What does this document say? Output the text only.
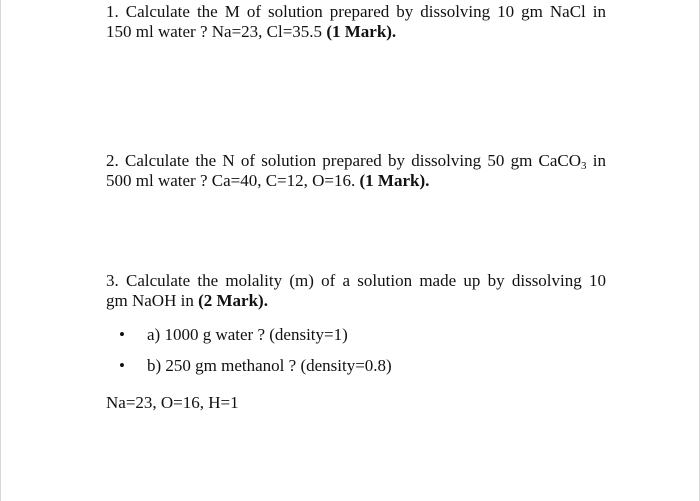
1. Calculate the M of solution prepared by dissolving 10 gm NaCl in
150 ml water ? Na=23, Cl=35.5 (1 Mark).
2. Calculate the N of solution prepared by dissolving 50 gm CaCO$_3$ in
500 ml water ? Ca=40, C=12, O=16. (1 Mark).
3. Calculate the molality (m) of a solution made up by dissolving 10
gm NaOH in (2 Mark).
• a) 1000 g water ? (density=1)
• b) 250 gm methanol ? (density=0.8)
Na=23, O=16, H=1
